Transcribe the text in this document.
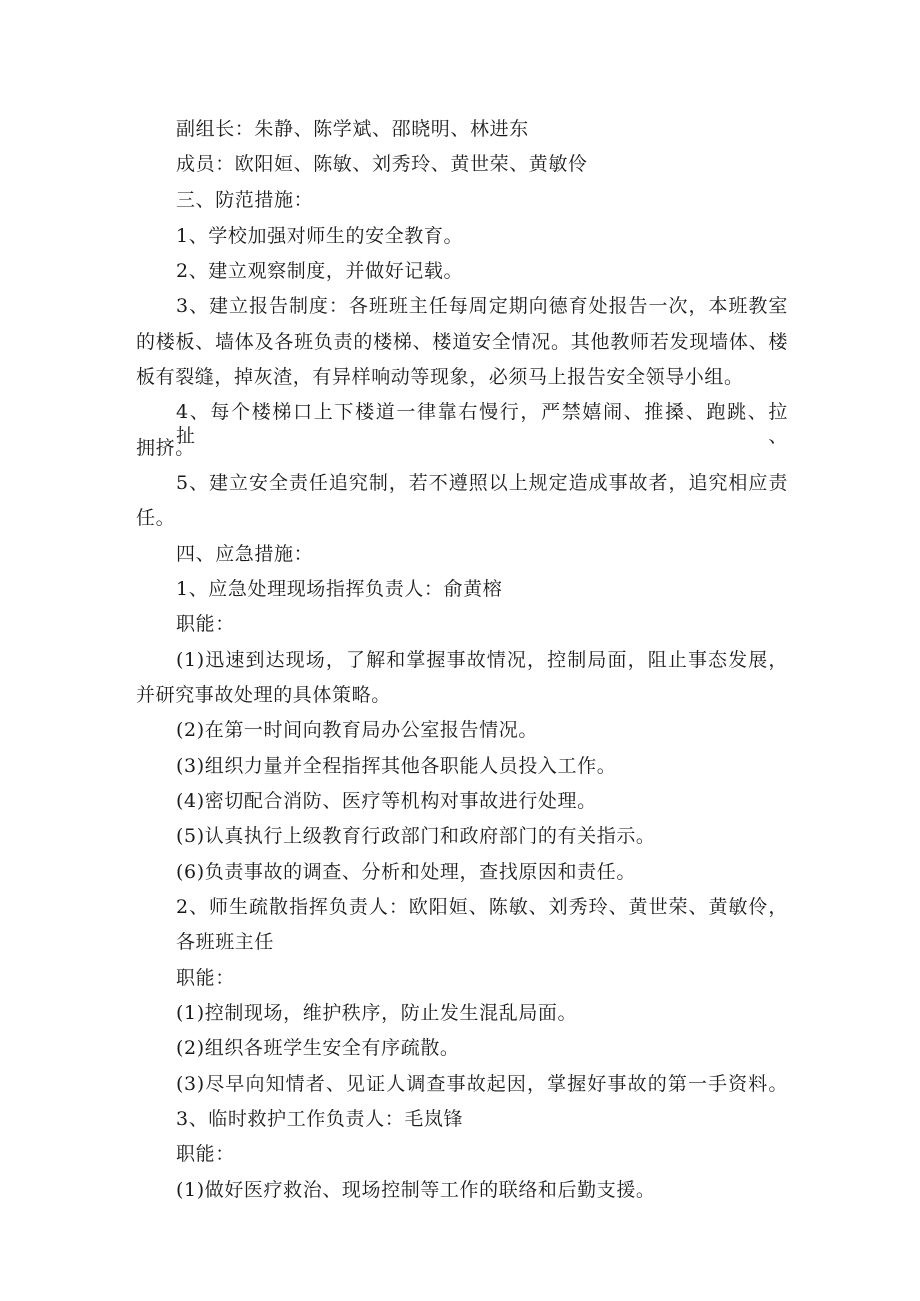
副组长：朱静、陈学斌、邵晓明、林进东
成员：欧阳姮、陈敏、刘秀玲、黄世荣、黄敏伶
三、防范措施：
1、学校加强对师生的安全教育。
2、建立观察制度，并做好记载。
3、建立报告制度：各班班主任每周定期向德育处报告一次，本班教室
的楼板、墙体及各班负责的楼梯、楼道安全情况。其他教师若发现墙体、楼
板有裂缝，掉灰渣，有异样响动等现象，必须马上报告安全领导小组。
4、每个楼梯口上下楼道一律靠右慢行，严禁嬉闹、推搡、跑跳、拉扯、
拥挤。
5、建立安全责任追究制，若不遵照以上规定造成事故者，追究相应责
任。
四、应急措施：
1、应急处理现场指挥负责人：俞黄榕
职能：
(1)迅速到达现场，了解和掌握事故情况，控制局面，阻止事态发展，
并研究事故处理的具体策略。
(2)在第一时间向教育局办公室报告情况。
(3)组织力量并全程指挥其他各职能人员投入工作。
(4)密切配合消防、医疗等机构对事故进行处理。
(5)认真执行上级教育行政部门和政府部门的有关指示。
(6)负责事故的调查、分析和处理，查找原因和责任。
2、师生疏散指挥负责人：欧阳姮、陈敏、刘秀玲、黄世荣、黄敏伶，
各班班主任
职能：
(1)控制现场，维护秩序，防止发生混乱局面。
(2)组织各班学生安全有序疏散。
(3)尽早向知情者、见证人调查事故起因，掌握好事故的第一手资料。
3、临时救护工作负责人：毛岚锋
职能：
(1)做好医疗救治、现场控制等工作的联络和后勤支援。
